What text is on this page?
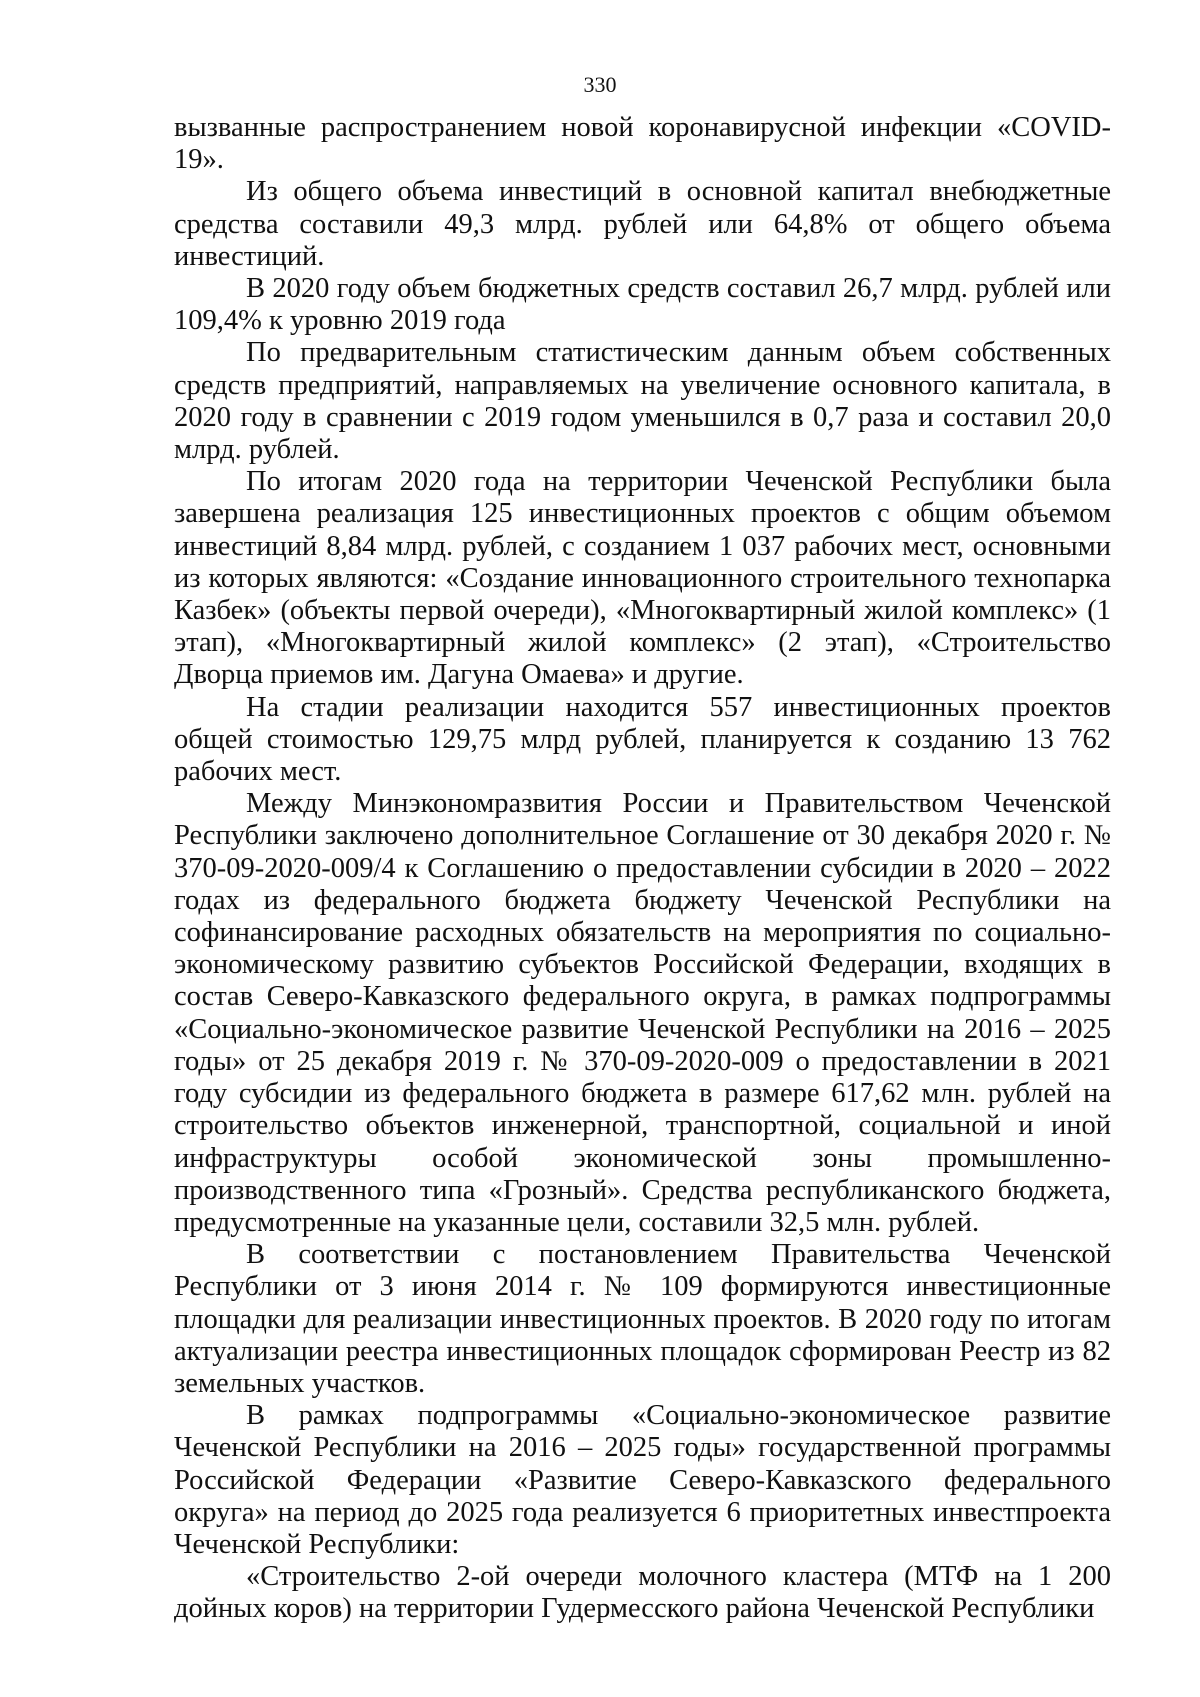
330

вызванные распространением новой коронавирусной инфекции «COVID-19».

Из общего объема инвестиций в основной капитал внебюджетные средства составили 49,3 млрд. рублей или 64,8% от общего объема инвестиций.

В 2020 году объем бюджетных средств составил 26,7 млрд. рублей или 109,4% к уровню 2019 года

По предварительным статистическим данным объем собственных средств предприятий, направляемых на увеличение основного капитала, в 2020 году в сравнении с 2019 годом уменьшился в 0,7 раза и составил 20,0 млрд. рублей.

По итогам 2020 года на территории Чеченской Республики была завершена реализация 125 инвестиционных проектов с общим объемом инвестиций 8,84 млрд. рублей, с созданием 1 037 рабочих мест, основными из которых являются: «Создание инновационного строительного технопарка Казбек» (объекты первой очереди), «Многоквартирный жилой комплекс» (1 этап), «Многоквартирный жилой комплекс» (2 этап), «Строительство Дворца приемов им. Дагуна Омаева» и другие.

На стадии реализации находится 557 инвестиционных проектов общей стоимостью 129,75 млрд рублей, планируется к созданию 13 762 рабочих мест.

Между Минэкономразвития России и Правительством Чеченской Республики заключено дополнительное Соглашение от 30 декабря 2020 г. № 370-09-2020-009/4 к Соглашению о предоставлении субсидии в 2020 – 2022 годах из федерального бюджета бюджету Чеченской Республики на софинансирование расходных обязательств на мероприятия по социально-экономическому развитию субъектов Российской Федерации, входящих в состав Северо-Кавказского федерального округа, в рамках подпрограммы «Социально-экономическое развитие Чеченской Республики на 2016 – 2025 годы» от 25 декабря 2019 г. № 370-09-2020-009 о предоставлении в 2021 году субсидии из федерального бюджета в размере 617,62 млн. рублей на строительство объектов инженерной, транспортной, социальной и иной инфраструктуры особой экономической зоны промышленно-производственного типа «Грозный». Средства республиканского бюджета, предусмотренные на указанные цели, составили 32,5 млн. рублей.

В соответствии с постановлением Правительства Чеченской Республики от 3 июня 2014 г. № 109 формируются инвестиционные площадки для реализации инвестиционных проектов. В 2020 году по итогам актуализации реестра инвестиционных площадок сформирован Реестр из 82 земельных участков.

В рамках подпрограммы «Социально-экономическое развитие Чеченской Республики на 2016 – 2025 годы» государственной программы Российской Федерации «Развитие Северо-Кавказского федерального округа» на период до 2025 года реализуется 6 приоритетных инвестпроекта Чеченской Республики:

«Строительство 2-ой очереди молочного кластера (МТФ на 1 200 дойных коров) на территории Гудермесского района Чеченской Республики
